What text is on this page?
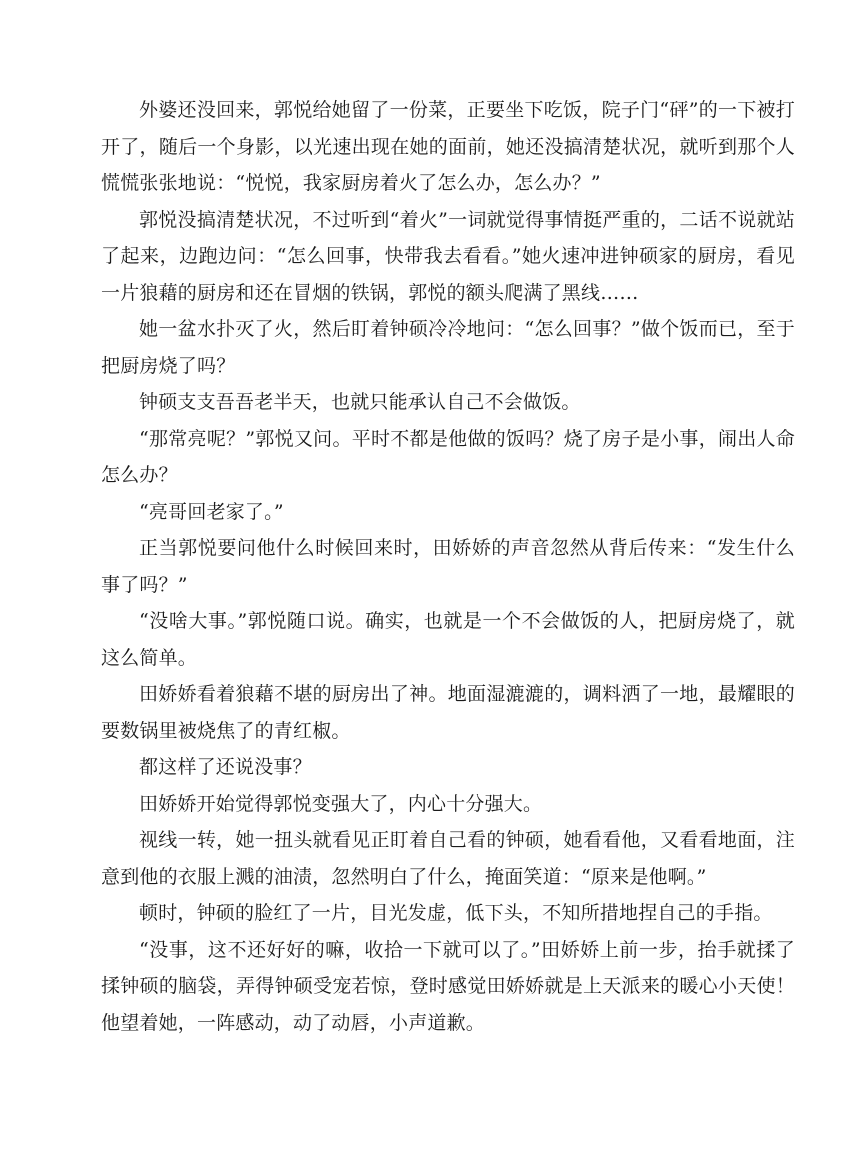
外婆还没回来，郭悦给她留了一份菜，正要坐下吃饭，院子门“砰”的一下被打开了，随后一个身影，以光速出现在她的面前，她还没搞清楚状况，就听到那个人慌慌张张地说：“悦悦，我家厨房着火了怎么办，怎么办？”

郭悦没搞清楚状况，不过听到“着火”一词就觉得事情挺严重的，二话不说就站了起来，边跑边问：“怎么回事，快带我去看看。”她火速冲进钟硕家的厨房，看见一片狼藉的厨房和还在冒烟的铁锅，郭悦的额头爬满了黑线……

她一盆水扑灭了火，然后盯着钟硕冷冷地问：“怎么回事？”做个饭而已，至于把厨房烧了吗？

钟硕支支吾吾老半天，也就只能承认自己不会做饭。

“那常亮呢？”郭悦又问。平时不都是他做的饭吗？烧了房子是小事，闹出人命怎么办？

“亮哥回老家了。”

正当郭悦要问他什么时候回来时，田娇娇的声音忽然从背后传来：“发生什么事了吗？”

“没啥大事。”郭悦随口说。确实，也就是一个不会做饭的人，把厨房烧了，就这么简单。

田娇娇看着狼藉不堪的厨房出了神。地面湿漉漉的，调料洒了一地，最耀眼的要数锅里被烧焦了的青红椒。

都这样了还说没事？

田娇娇开始觉得郭悦变强大了，内心十分强大。

视线一转，她一扭头就看见正盯着自己看的钟硕，她看看他，又看看地面，注意到他的衣服上溅的油渍，忽然明白了什么，掩面笑道：“原来是他啊。”

顿时，钟硕的脸红了一片，目光发虚，低下头，不知所措地捏自己的手指。

“没事，这不还好好的嘛，收拾一下就可以了。”田娇娇上前一步，抬手就揉了揉钟硕的脑袋，弄得钟硕受宠若惊，登时感觉田娇娇就是上天派来的暖心小天使！他望着她，一阵感动，动了动唇，小声道歉。
